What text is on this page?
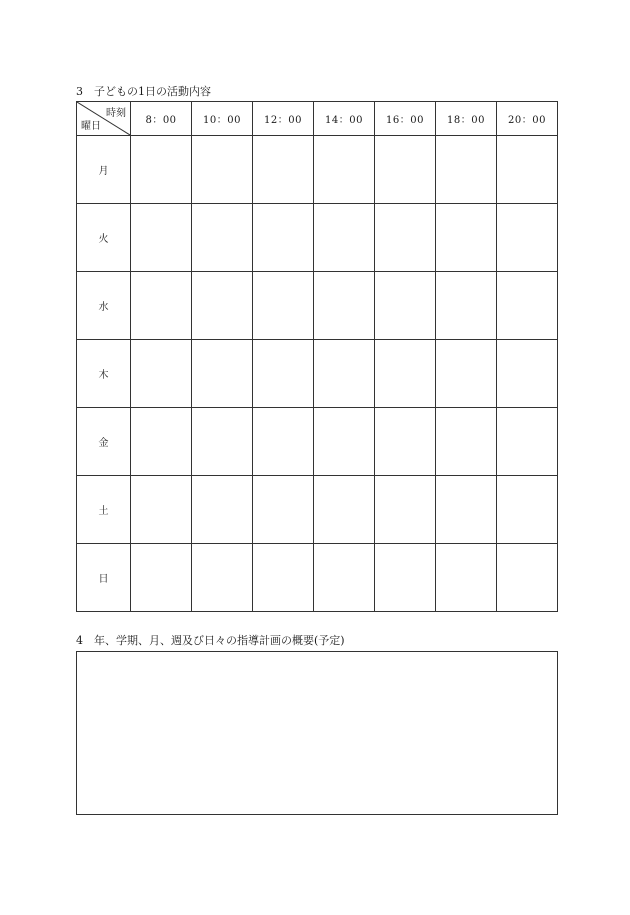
3　子どもの1日の活動内容
時刻
曜日	8：00	10：00	12：00	14：00	16：00	18：00	20：00
月							
火							
水							
木							
金							
土							
日							
4　年、学期、月、週及び日々の指導計画の概要(予定)
